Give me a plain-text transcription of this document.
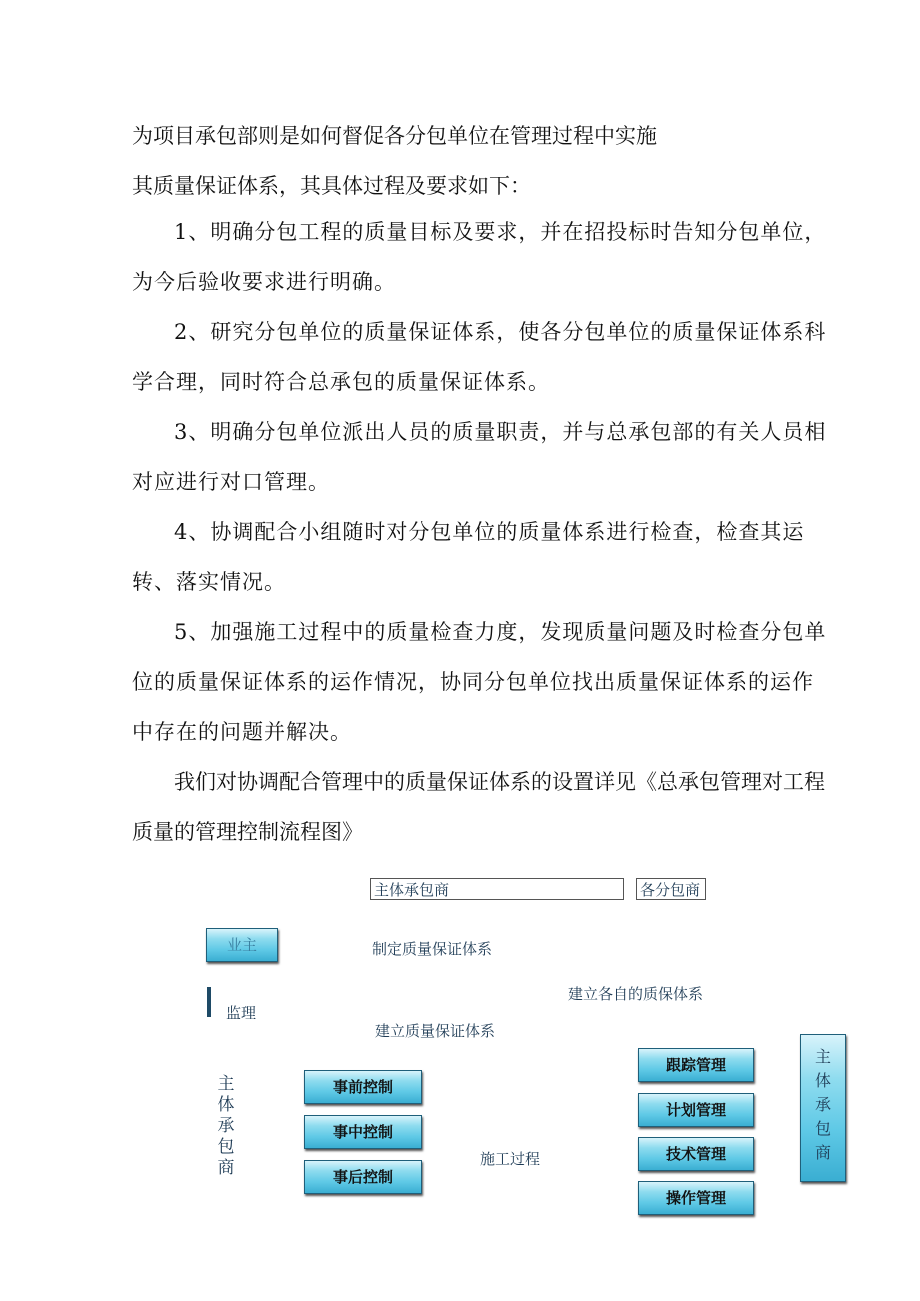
为项目承包部则是如何督促各分包单位在管理过程中实施
其质量保证体系，其具体过程及要求如下：

1、明确分包工程的质量目标及要求，并在招投标时告知分包单位，为今后验收要求进行明确。

2、研究分包单位的质量保证体系，使各分包单位的质量保证体系科学合理，同时符合总承包的质量保证体系。

3、明确分包单位派出人员的质量职责，并与总承包部的有关人员相对应进行对口管理。

4、协调配合小组随时对分包单位的质量体系进行检查，检查其运转、落实情况。

5、加强施工过程中的质量检查力度，发现质量问题及时检查分包单位的质量保证体系的运作情况，协同分包单位找出质量保证体系的运作中存在的问题并解决。

我们对协调配合管理中的质量保证体系的设置详见《总承包管理对工程质量的管理控制流程图》

主体承包商	各分包商
业主	制定质量保证体系
监理
建立各自的质保体系
建立质量保证体系
主体承包商
事前控制
事中控制
事后控制
施工过程
跟踪管理
计划管理
技术管理
操作管理
主体承包商
